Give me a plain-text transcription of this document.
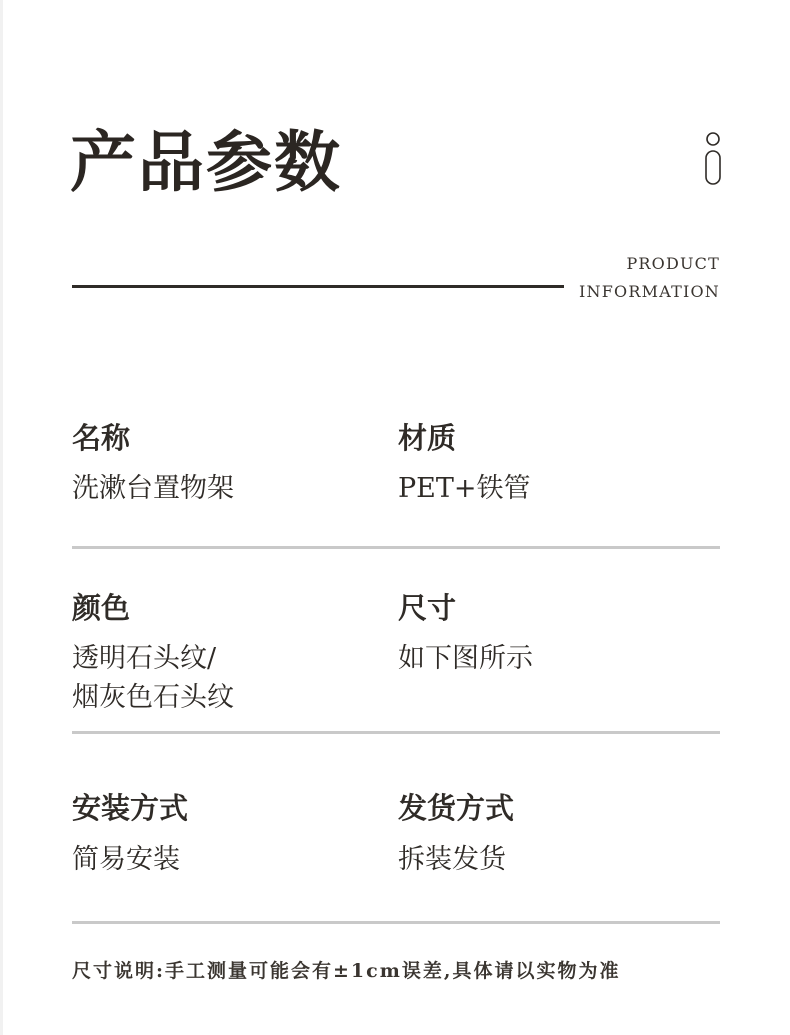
产品参数
PRODUCT
INFORMATION
名称
洗漱台置物架
材质
PET+铁管
颜色
透明石头纹/
烟灰色石头纹
尺寸
如下图所示
安装方式
简易安装
发货方式
拆装发货
尺寸说明:手工测量可能会有±1cm误差,具体请以实物为准
